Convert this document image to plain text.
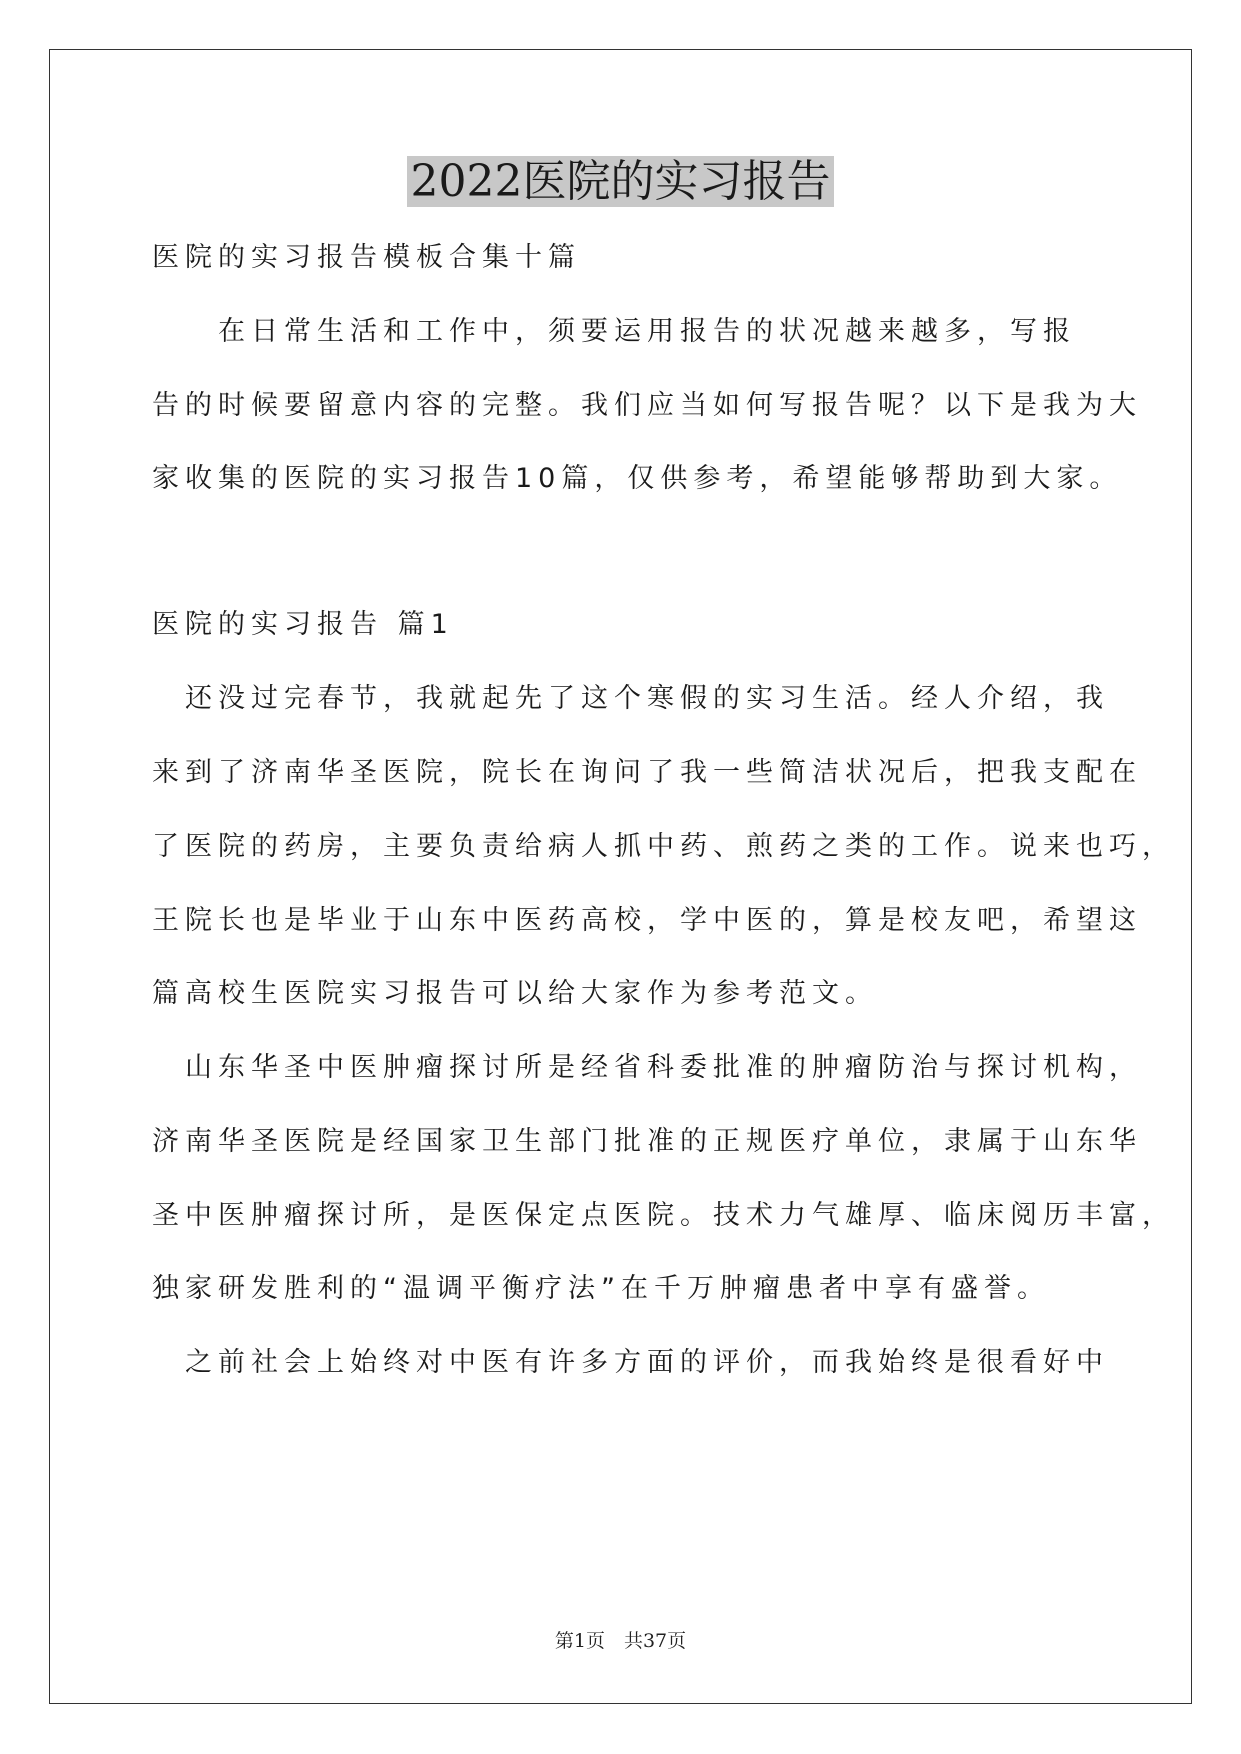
2022医院的实习报告
医院的实习报告模板合集十篇
　　在日常生活和工作中，须要运用报告的状况越来越多，写报
告的时候要留意内容的完整。我们应当如何写报告呢？以下是我为大
家收集的医院的实习报告10篇，仅供参考，希望能够帮助到大家。
医院的实习报告 篇1
　还没过完春节，我就起先了这个寒假的实习生活。经人介绍，我
来到了济南华圣医院，院长在询问了我一些简洁状况后，把我支配在
了医院的药房，主要负责给病人抓中药、煎药之类的工作。说来也巧，
王院长也是毕业于山东中医药高校，学中医的，算是校友吧，希望这
篇高校生医院实习报告可以给大家作为参考范文。
　山东华圣中医肿瘤探讨所是经省科委批准的肿瘤防治与探讨机构，
济南华圣医院是经国家卫生部门批准的正规医疗单位，隶属于山东华
圣中医肿瘤探讨所，是医保定点医院。技术力气雄厚、临床阅历丰富，
独家研发胜利的“温调平衡疗法”在千万肿瘤患者中享有盛誉。
　之前社会上始终对中医有许多方面的评价，而我始终是很看好中
第1页　共37页
